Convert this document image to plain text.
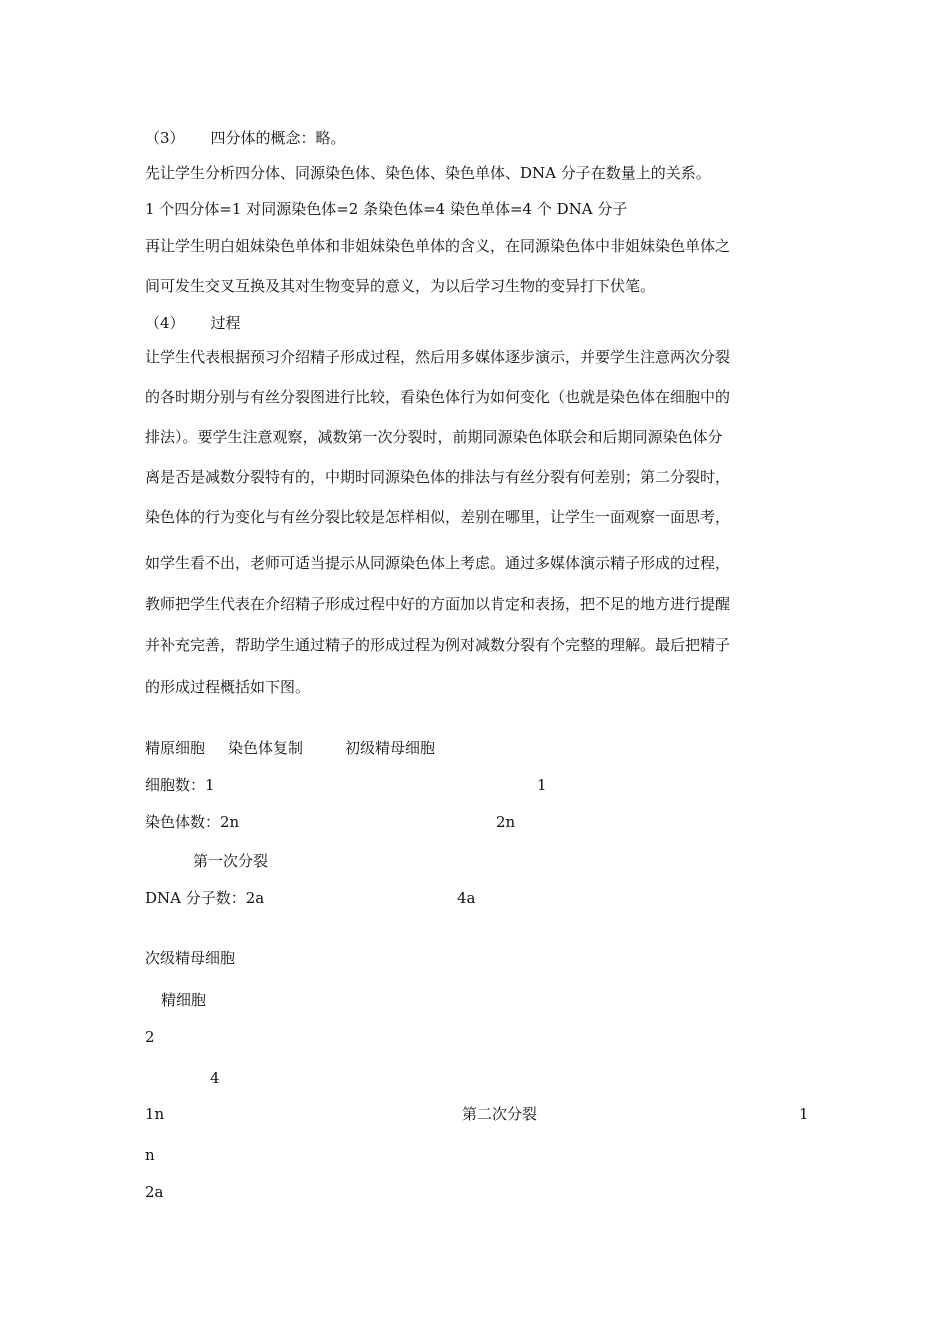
（3） 四分体的概念：略。
先让学生分析四分体、同源染色体、染色体、染色单体、DNA 分子在数量上的关系。
1 个四分体=1 对同源染色体=2 条染色体=4 染色单体=4 个 DNA 分子
再让学生明白姐妹染色单体和非姐妹染色单体的含义，在同源染色体中非姐妹染色单体之
间可发生交叉互换及其对生物变异的意义，为以后学习生物的变异打下伏笔。
（4） 过程
让学生代表根据预习介绍精子形成过程，然后用多媒体逐步演示，并要学生注意两次分裂
的各时期分别与有丝分裂图进行比较，看染色体行为如何变化（也就是染色体在细胞中的
排法）。要学生注意观察，减数第一次分裂时，前期同源染色体联会和后期同源染色体分
离是否是减数分裂特有的，中期时同源染色体的排法与有丝分裂有何差别；第二分裂时，
染色体的行为变化与有丝分裂比较是怎样相似，差别在哪里，让学生一面观察一面思考，
如学生看不出，老师可适当提示从同源染色体上考虑。通过多媒体演示精子形成的过程，
教师把学生代表在介绍精子形成过程中好的方面加以肯定和表扬，把不足的地方进行提醒
并补充完善，帮助学生通过精子的形成过程为例对减数分裂有个完整的理解。最后把精子
的形成过程概括如下图。
精原细胞 染色体复制	初级精母细胞
细胞数：1	1
染色体数：2n	2n
第一次分裂
DNA 分子数：2a	4a
次级精母细胞
精细胞
2
4
1n	第二次分裂	1
n
2a
